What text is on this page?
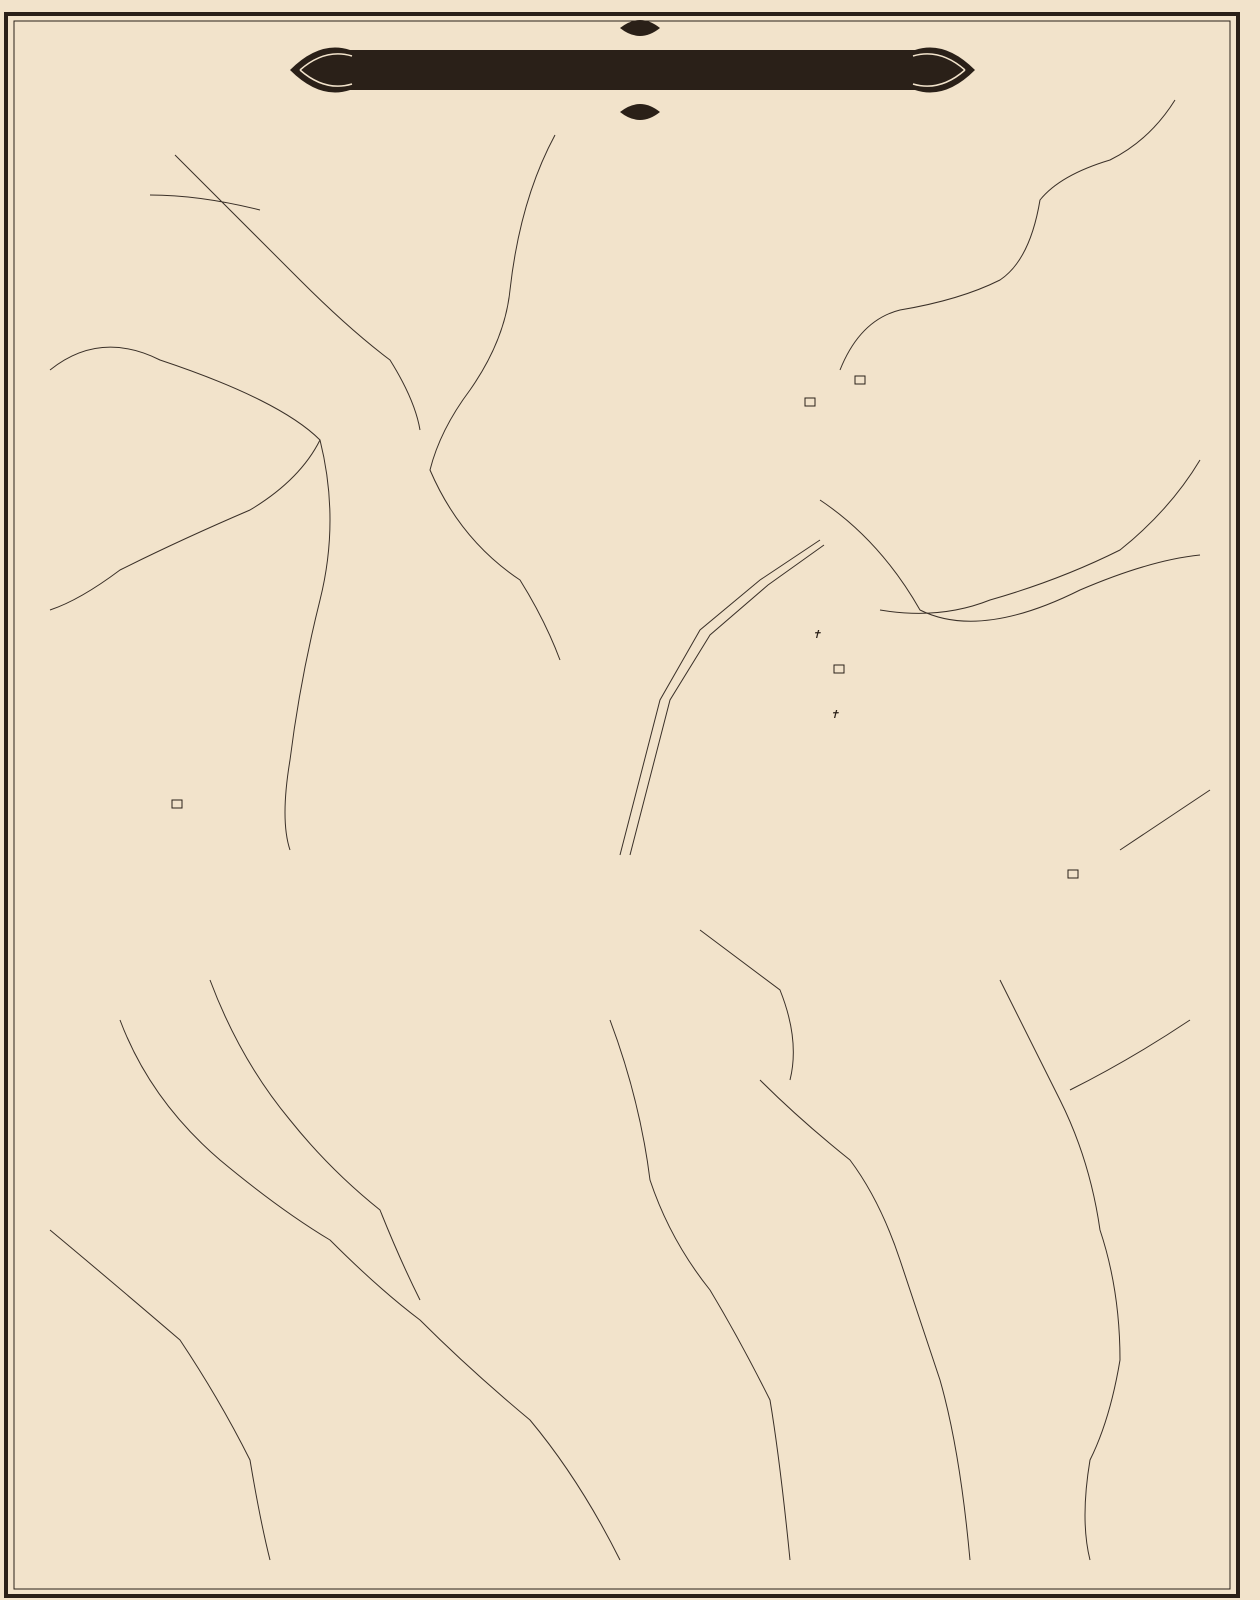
✝
✝
